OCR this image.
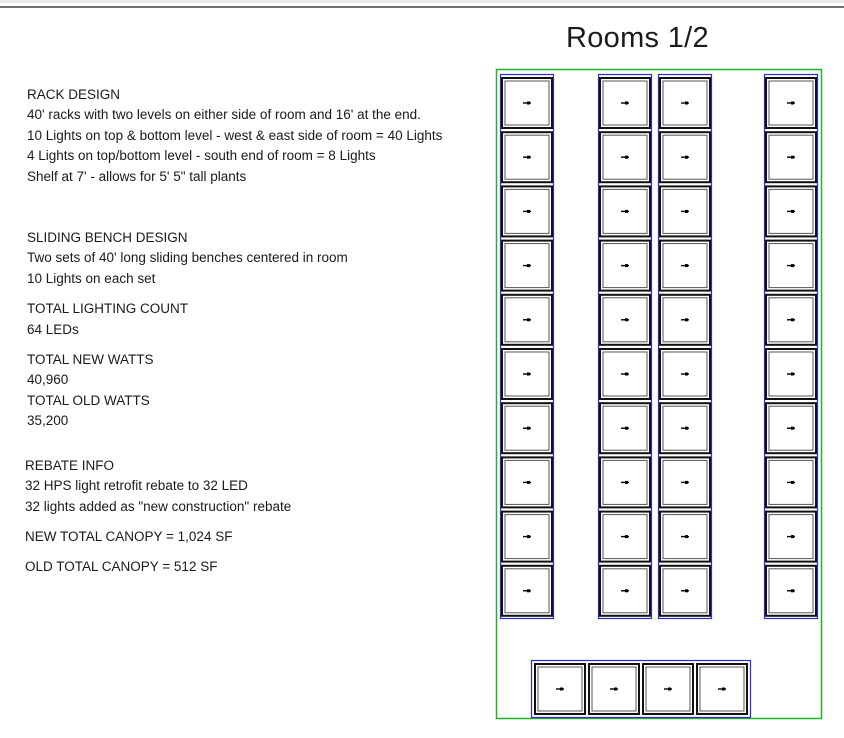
Rooms 1/2
RACK DESIGN
40' racks with two levels on either side of room and 16' at the end.
10 Lights on top & bottom level - west & east side of room = 40 Lights
4 Lights on top/bottom level - south end of room = 8 Lights
Shelf at 7' - allows for 5' 5" tall plants
SLIDING BENCH DESIGN
Two sets of 40' long sliding benches centered in room
10 Lights on each set
TOTAL LIGHTING COUNT
64 LEDs
TOTAL NEW WATTS
40,960
TOTAL OLD WATTS
35,200
REBATE INFO
32 HPS light retrofit rebate to 32 LED
32 lights added as "new construction" rebate
NEW TOTAL CANOPY = 1,024 SF
OLD TOTAL CANOPY = 512 SF
